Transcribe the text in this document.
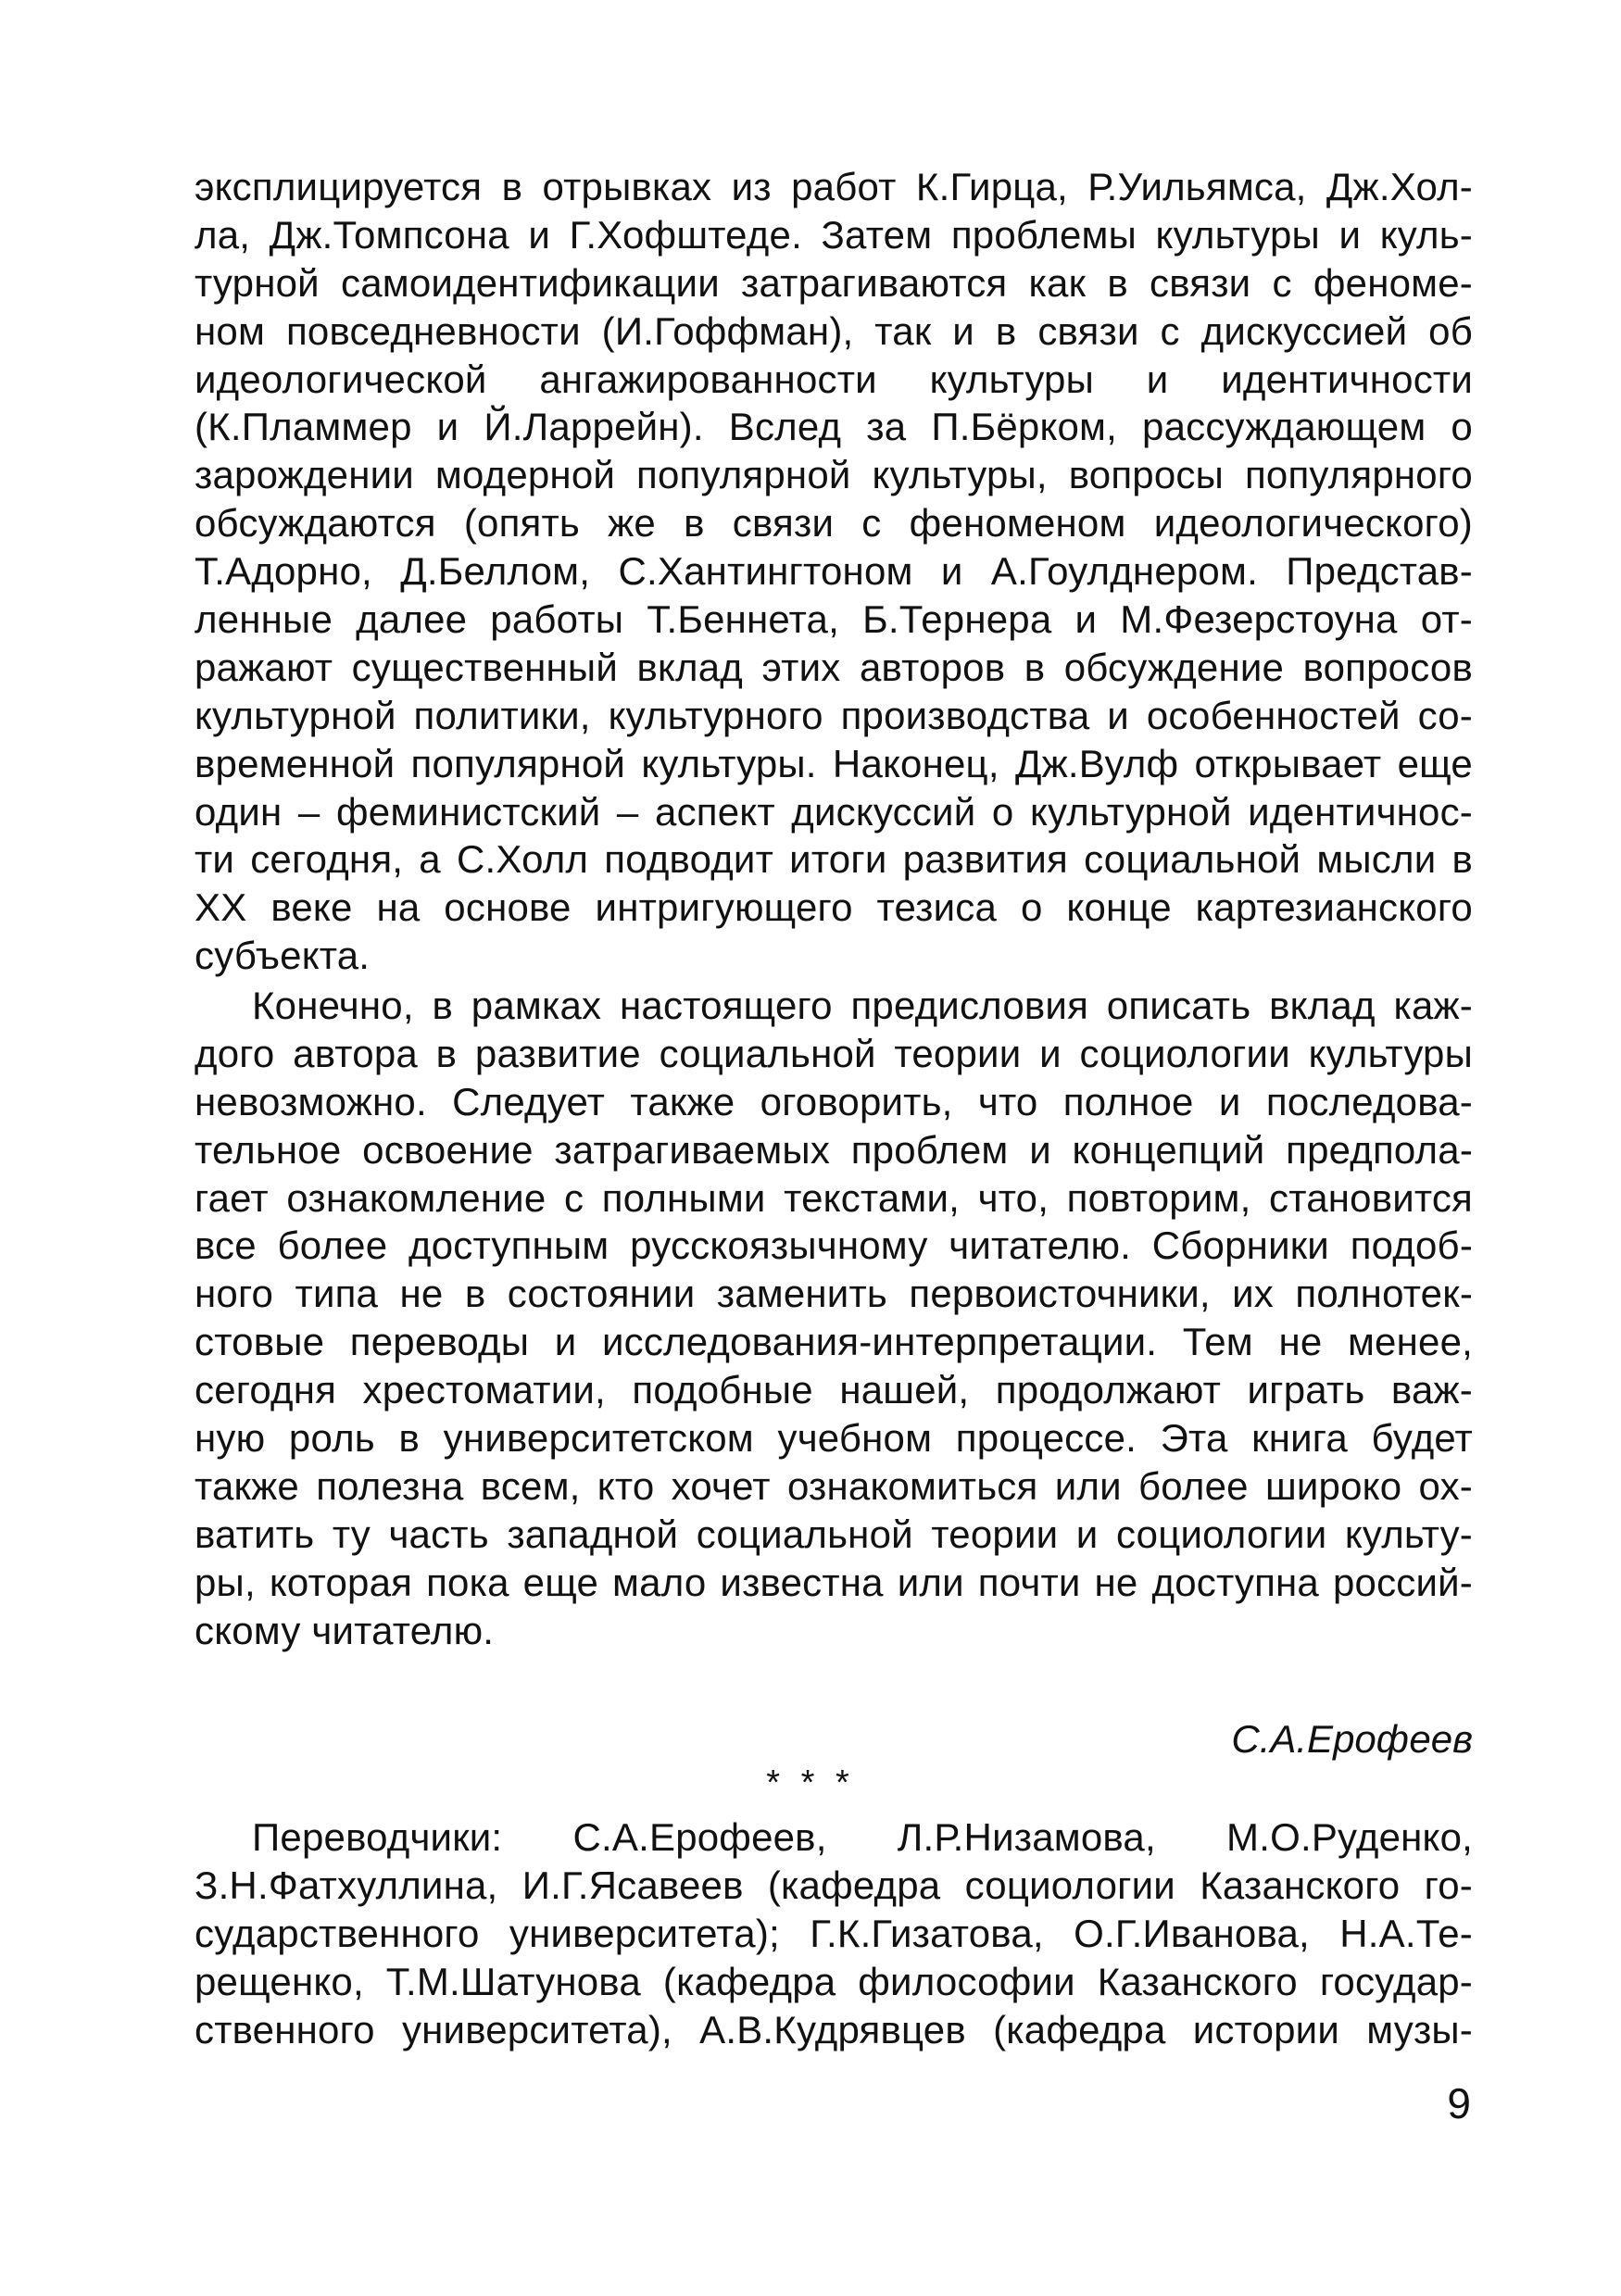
эксплицируется в отрывках из работ К.Гирца, Р.Уильямса, Дж.Хол-
ла, Дж.Томпсона и Г.Хофштеде. Затем проблемы культуры и куль-
турной самоидентификации затрагиваются как в связи с феноме-
ном повседневности (И.Гоффман), так и в связи с дискуссией об
идеологической ангажированности культуры и идентичности
(К.Пламмер и Й.Ларрейн). Вслед за П.Бёрком, рассуждающем о
зарождении модерной популярной культуры, вопросы популярного
обсуждаются (опять же в связи с феноменом идеологического)
Т.Адорно, Д.Беллом, С.Хантингтоном и А.Гоулднером. Представ-
ленные далее работы Т.Беннета, Б.Тернера и М.Фезерстоуна от-
ражают существенный вклад этих авторов в обсуждение вопросов
культурной политики, культурного производства и особенностей со-
временной популярной культуры. Наконец, Дж.Вулф открывает еще
один – феминистский – аспект дискуссий о культурной идентичнос-
ти сегодня, а С.Холл подводит итоги развития социальной мысли в
XX веке на основе интригующего тезиса о конце картезианского
субъекта.
Конечно, в рамках настоящего предисловия описать вклад каж-
дого автора в развитие социальной теории и социологии культуры
невозможно. Следует также оговорить, что полное и последова-
тельное освоение затрагиваемых проблем и концепций предпола-
гает ознакомление с полными текстами, что, повторим, становится
все более доступным русскоязычному читателю. Сборники подоб-
ного типа не в состоянии заменить первоисточники, их полнотек-
стовые переводы и исследования-интерпретации. Тем не менее,
сегодня хрестоматии, подобные нашей, продолжают играть важ-
ную роль в университетском учебном процессе. Эта книга будет
также полезна всем, кто хочет ознакомиться или более широко ох-
ватить ту часть западной социальной теории и социологии культу-
ры, которая пока еще мало известна или почти не доступна россий-
скому читателю.
С.А.Ерофеев
* * *
Переводчики: С.А.Ерофеев, Л.Р.Низамова, М.О.Руденко,
З.Н.Фатхуллина, И.Г.Ясавеев (кафедра социологии Казанского го-
сударственного университета); Г.К.Гизатова, О.Г.Иванова, Н.А.Те-
рещенко, Т.М.Шатунова (кафедра философии Казанского государ-
ственного университета), А.В.Кудрявцев (кафедра истории музы-
9
